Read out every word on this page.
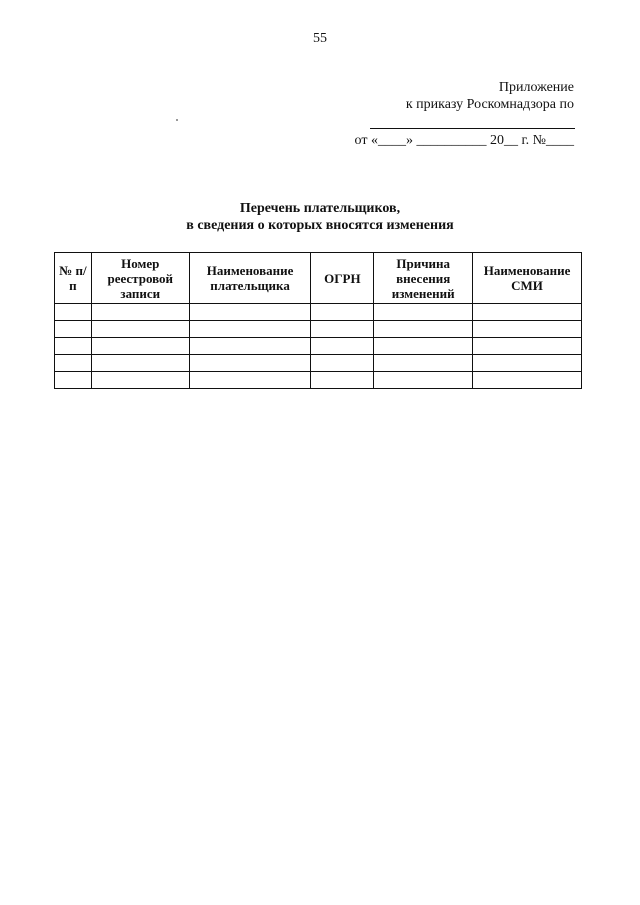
55
Приложение
к приказу Роскомнадзора по
от «____» __________ 20__ г. №____
Перечень плательщиков,
в сведения о которых вносятся изменения
№ п/п	Номер реестровой записи	Наименование плательщика	ОГРН	Причина внесения изменений	Наименование СМИ
